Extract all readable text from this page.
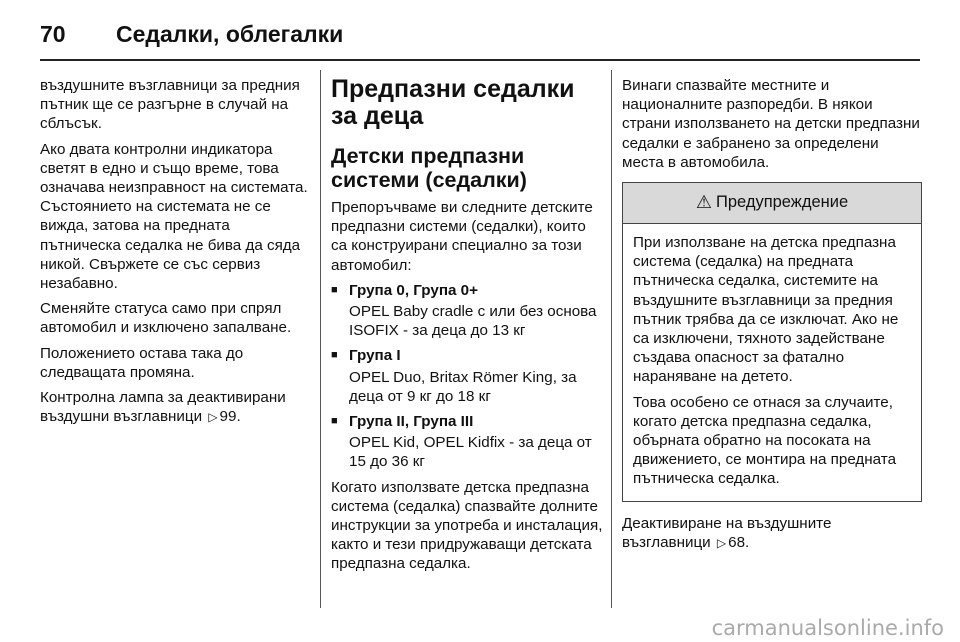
70	Седалки, облегалки

въздушните възглавници за предния пътник ще се разгърне в случай на сблъсък.

Ако двата контролни индикатора светят в едно и също време, това означава неизправност на системата. Състоянието на системата не се вижда, затова на предната пътническа седалка не бива да сяда никой. Свържете се със сервиз незабавно.

Сменяйте статуса само при спрял автомобил и изключено запалване.

Положението остава така до следващата промяна.

Контролна лампа за деактивирани въздушни възглавници ▷ 99.

Предпазни седалки за деца
Детски предпазни системи (седалки)

Препоръчваме ви следните детските предпазни системи (седалки), които са конструирани специално за този автомобил:

■ Група 0, Група 0+
OPEL Baby cradle с или без основа ISOFIX - за деца до 13 кг
■ Група I
OPEL Duo, Britax Römer King, за деца от 9 кг до 18 кг
■ Група II, Група III
OPEL Kid, OPEL Kidfix - за деца от 15 до 36 кг

Когато използвате детска предпазна система (седалка) спазвайте долните инструкции за употреба и инсталация, както и тези придружаващи детската предпазна седалка.

Винаги спазвайте местните и националните разпоредби. В някои страни използването на детски предпазни седалки е забранено за определени места в автомобила.

⚠ Предупреждение

При използване на детска предпазна система (седалка) на предната пътническа седалка, системите на въздушните възглавници за предния пътник трябва да се изключат. Ако не са изключени, тяхното задействане създава опасност за фатално нараняване на детето.

Това особено се отнася за случаите, когато детска предпазна седалка, обърната обратно на посоката на движението, се монтира на предната пътническа седалка.

Деактивиране на въздушните възглавници ▷ 68.

carmanualsonline.info
